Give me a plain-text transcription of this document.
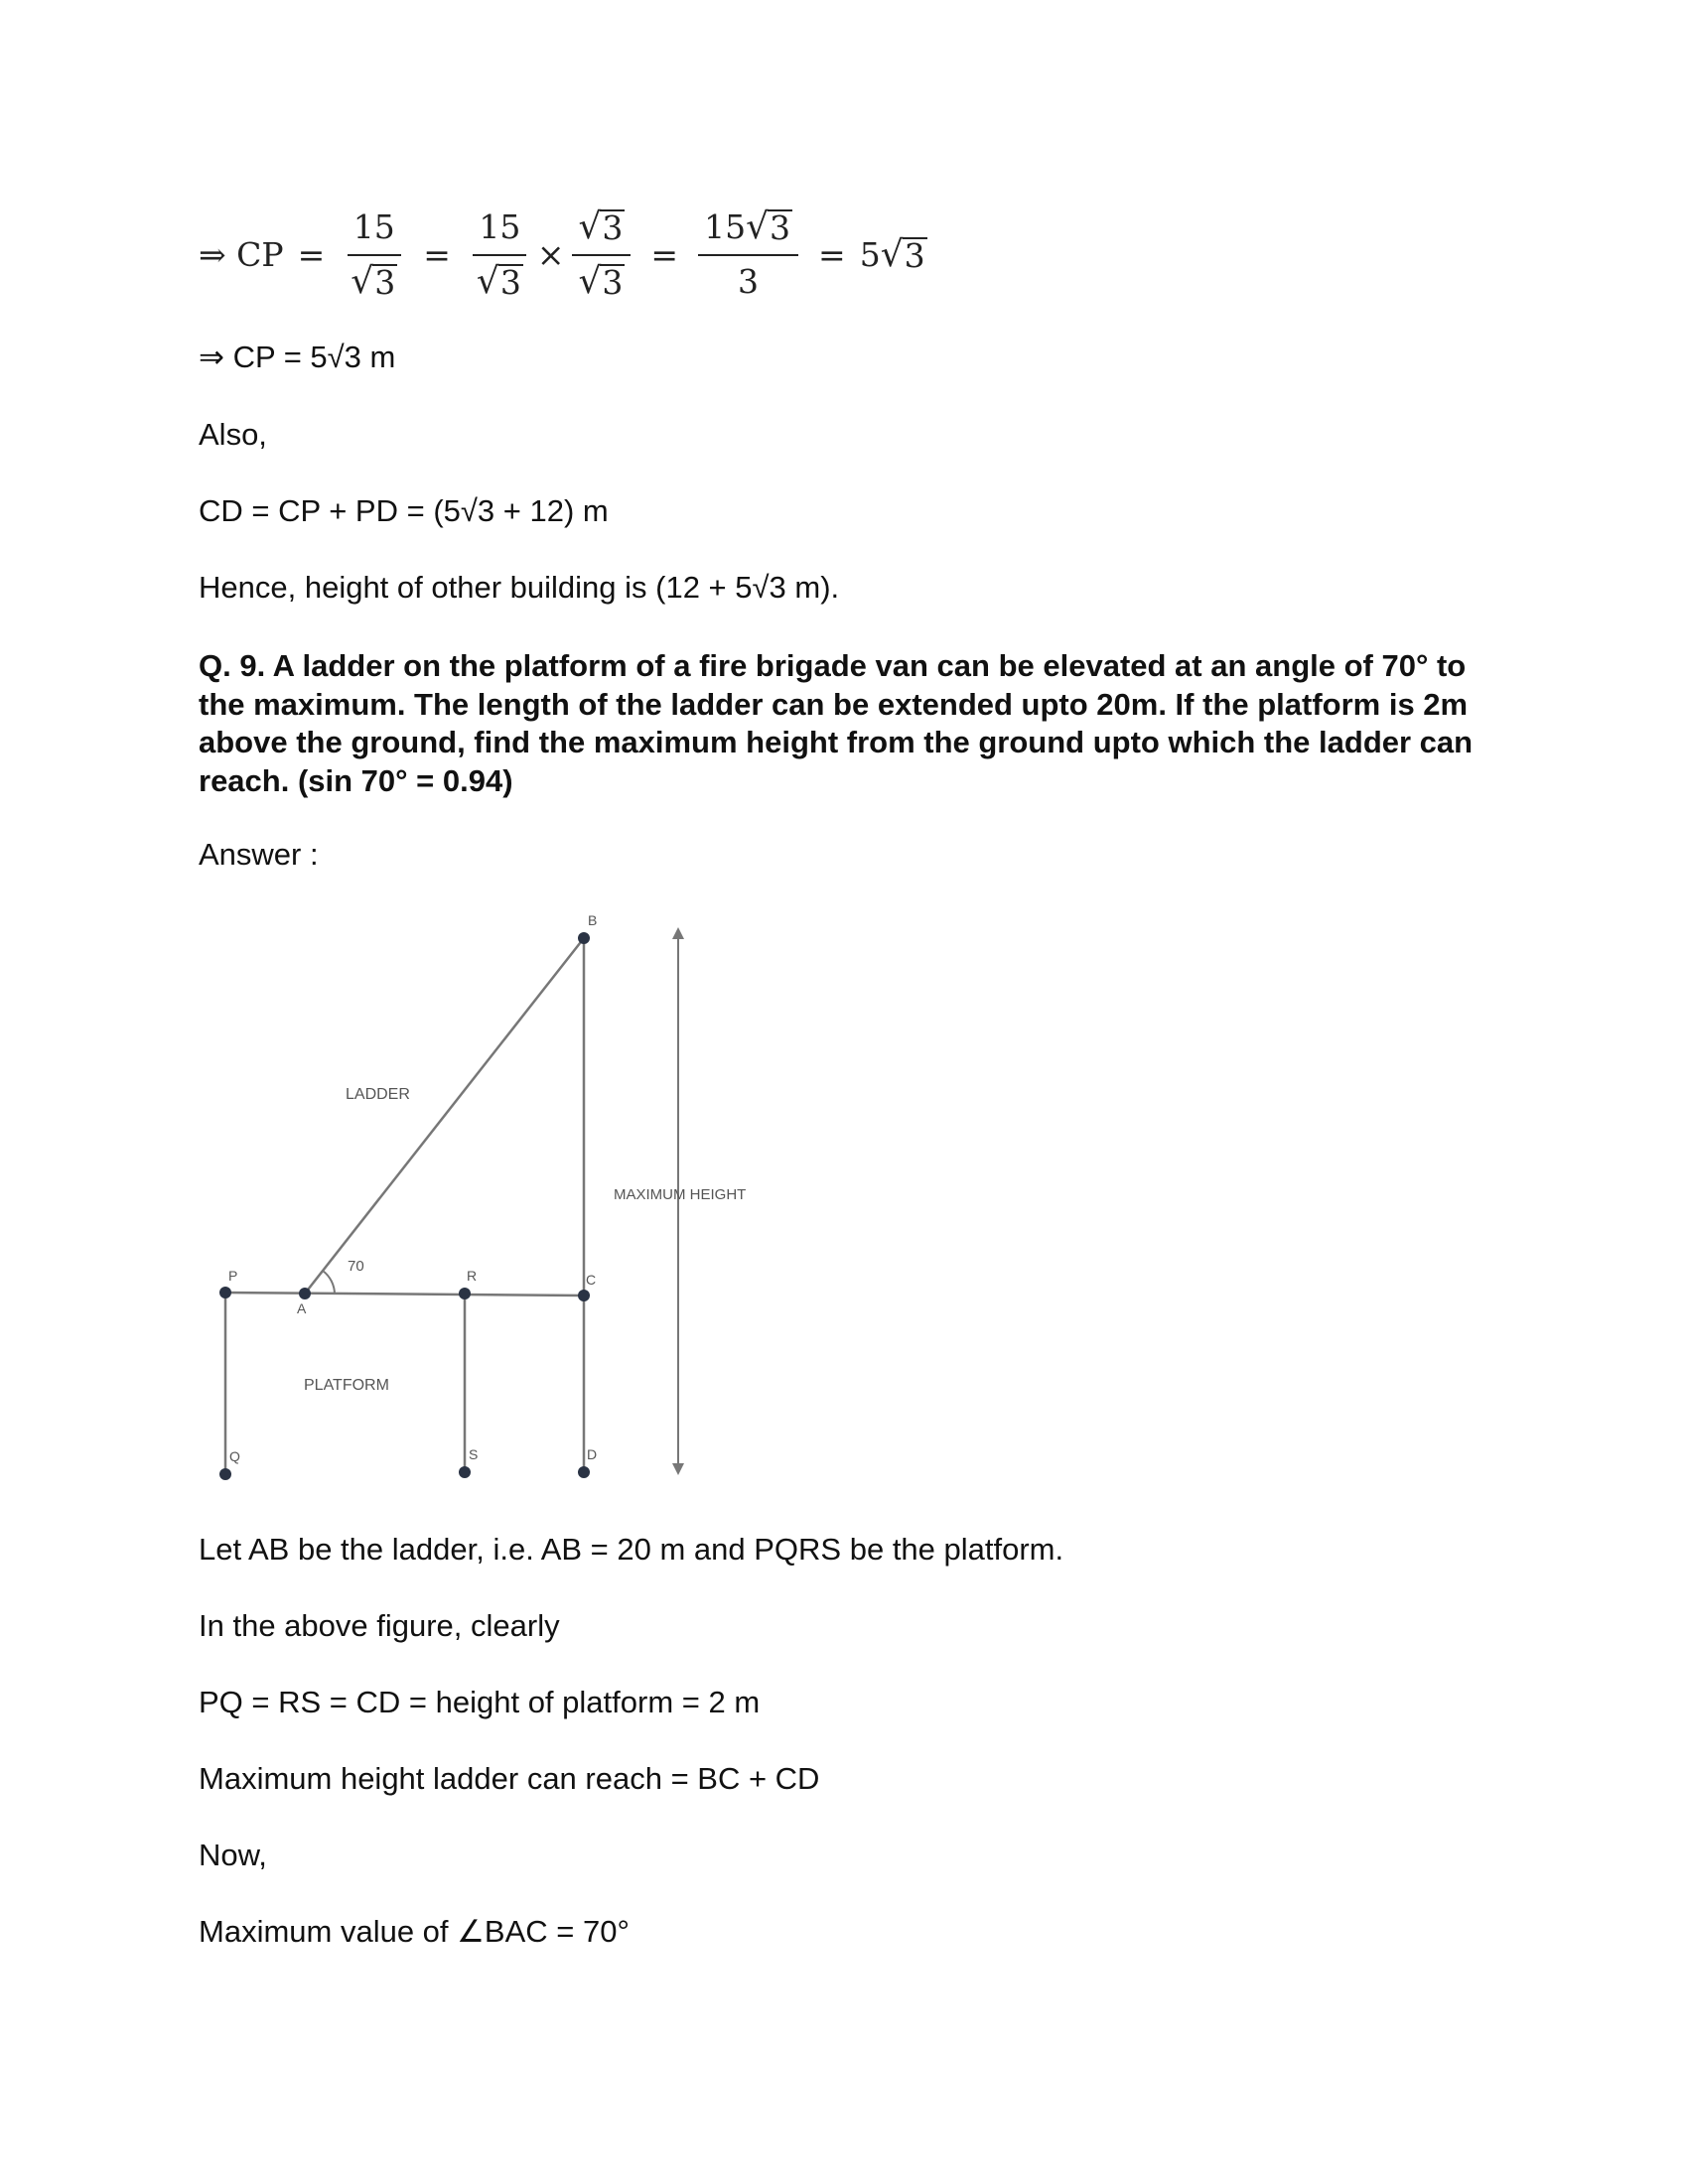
⇒ CP = $\frac{15}{√ 3} = \frac{15}{√ 3} \times \frac{√ 3}{√ 3} = \frac{15 √ 3}{3} = 5$ √ 3
⇒ CP = 5√3 m
Also,
CD = CP + PD = (5√3 + 12) m
Hence, height of other building is (12 + 5√3 m).
Q. 9. A ladder on the platform of a fire brigade van can be elevated at an angle of 70° to the maximum. The length of the ladder can be extended upto 20m. If the platform is 2m above the ground, find the maximum height from the ground upto which the ladder can reach. (sin 70° = 0.94)
Answer :
B
P
A
R	C
Q	S	D
70
LADDER
PLATFORM
MAXIMUM HEIGHT
Let AB be the ladder, i.e. AB = 20 m and PQRS be the platform.
In the above figure, clearly
PQ = RS = CD = height of platform = 2 m
Maximum height ladder can reach = BC + CD
Now,
Maximum value of ∠BAC = 70°
